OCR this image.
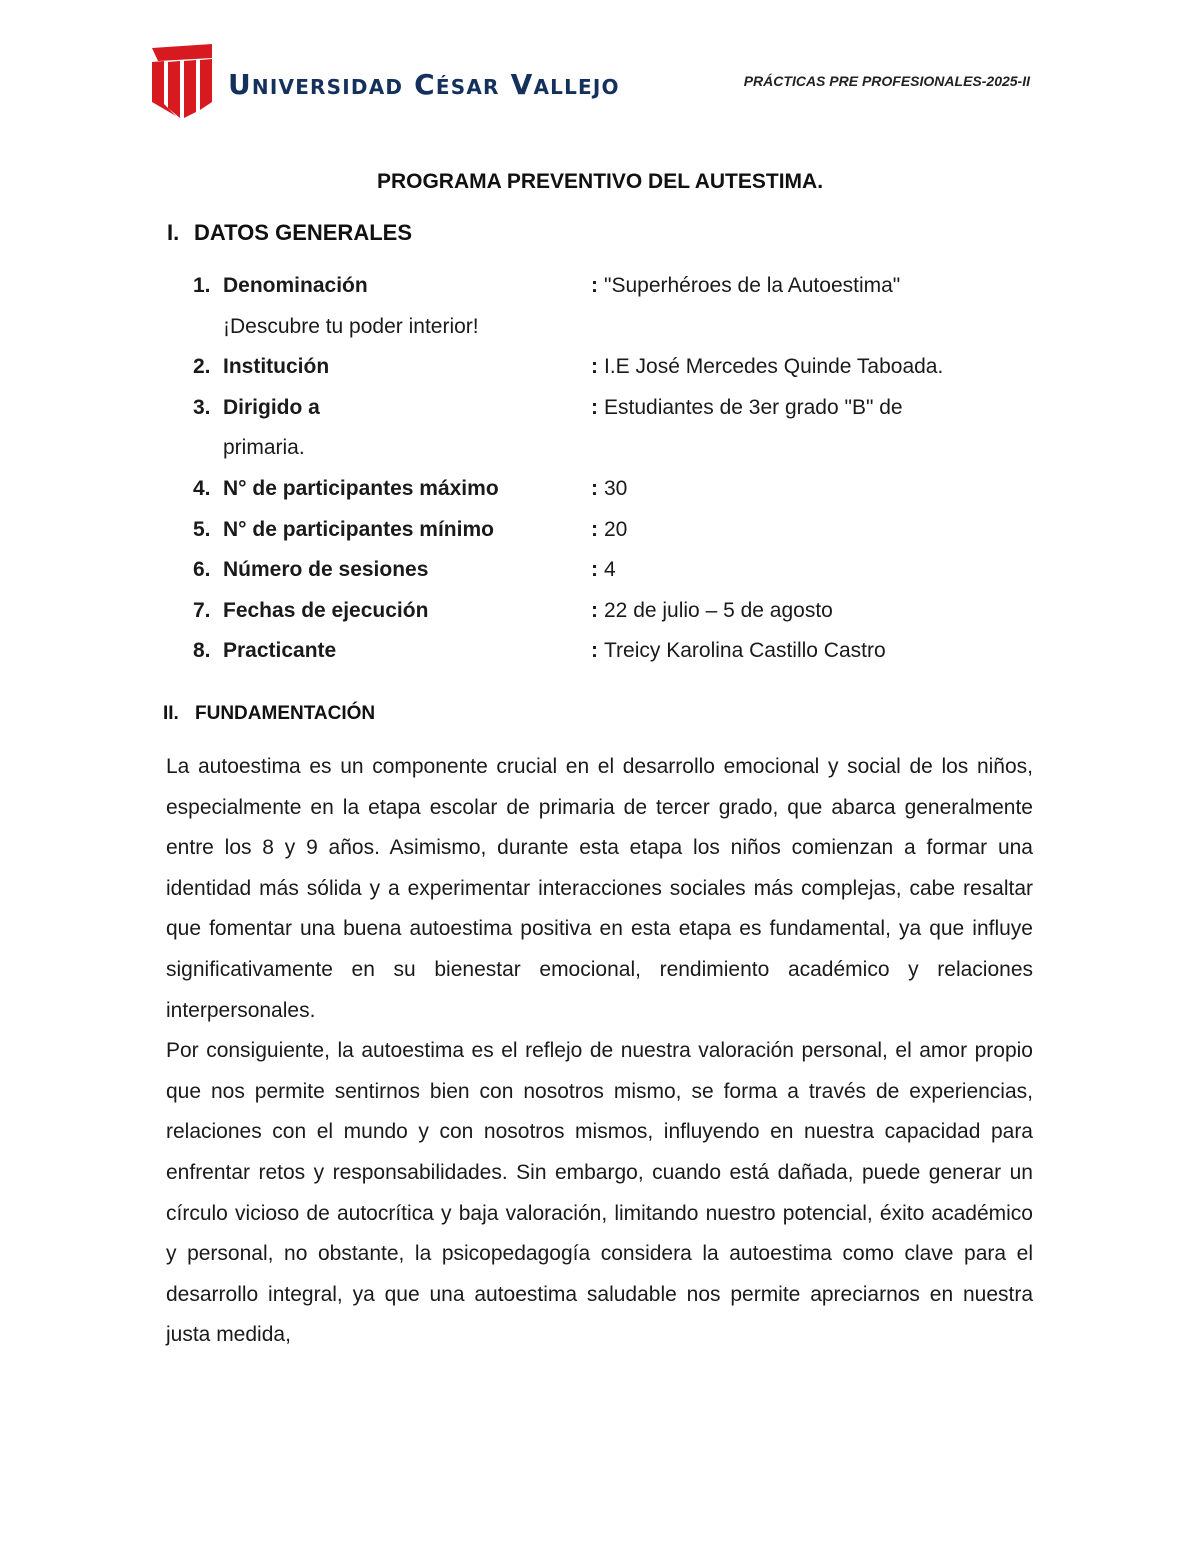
Universidad César Vallejo	PRÁCTICAS PRE PROFESIONALES-2025-II
PROGRAMA PREVENTIVO DEL AUTESTIMA.
I. DATOS GENERALES
1. Denominación	: "Superhéroes de la Autoestima"
¡Descubre tu poder interior!
2. Institución	: I.E José Mercedes Quinde Taboada.
3. Dirigido a	: Estudiantes de 3er grado "B" de
primaria.
4. N° de participantes máximo	: 30
5. N° de participantes mínimo	: 20
6. Número de sesiones	: 4
7. Fechas de ejecución	: 22 de julio – 5 de agosto
8. Practicante	: Treicy Karolina Castillo Castro
II. FUNDAMENTACIÓN

La autoestima es un componente crucial en el desarrollo emocional y social de los niños, especialmente en la etapa escolar de primaria de tercer grado, que abarca generalmente entre los 8 y 9 años. Asimismo, durante esta etapa los niños comienzan a formar una identidad más sólida y a experimentar interacciones sociales más complejas, cabe resaltar que fomentar una buena autoestima positiva en esta etapa es fundamental, ya que influye significativamente en su bienestar emocional, rendimiento académico y relaciones interpersonales.

Por consiguiente, la autoestima es el reflejo de nuestra valoración personal, el amor propio que nos permite sentirnos bien con nosotros mismo, se forma a través de experiencias, relaciones con el mundo y con nosotros mismos, influyendo en nuestra capacidad para enfrentar retos y responsabilidades. Sin embargo, cuando está dañada, puede generar un círculo vicioso de autocrítica y baja valoración, limitando nuestro potencial, éxito académico y personal, no obstante, la psicopedagogía considera la autoestima como clave para el desarrollo integral, ya que una autoestima saludable nos permite apreciarnos en nuestra justa medida,
